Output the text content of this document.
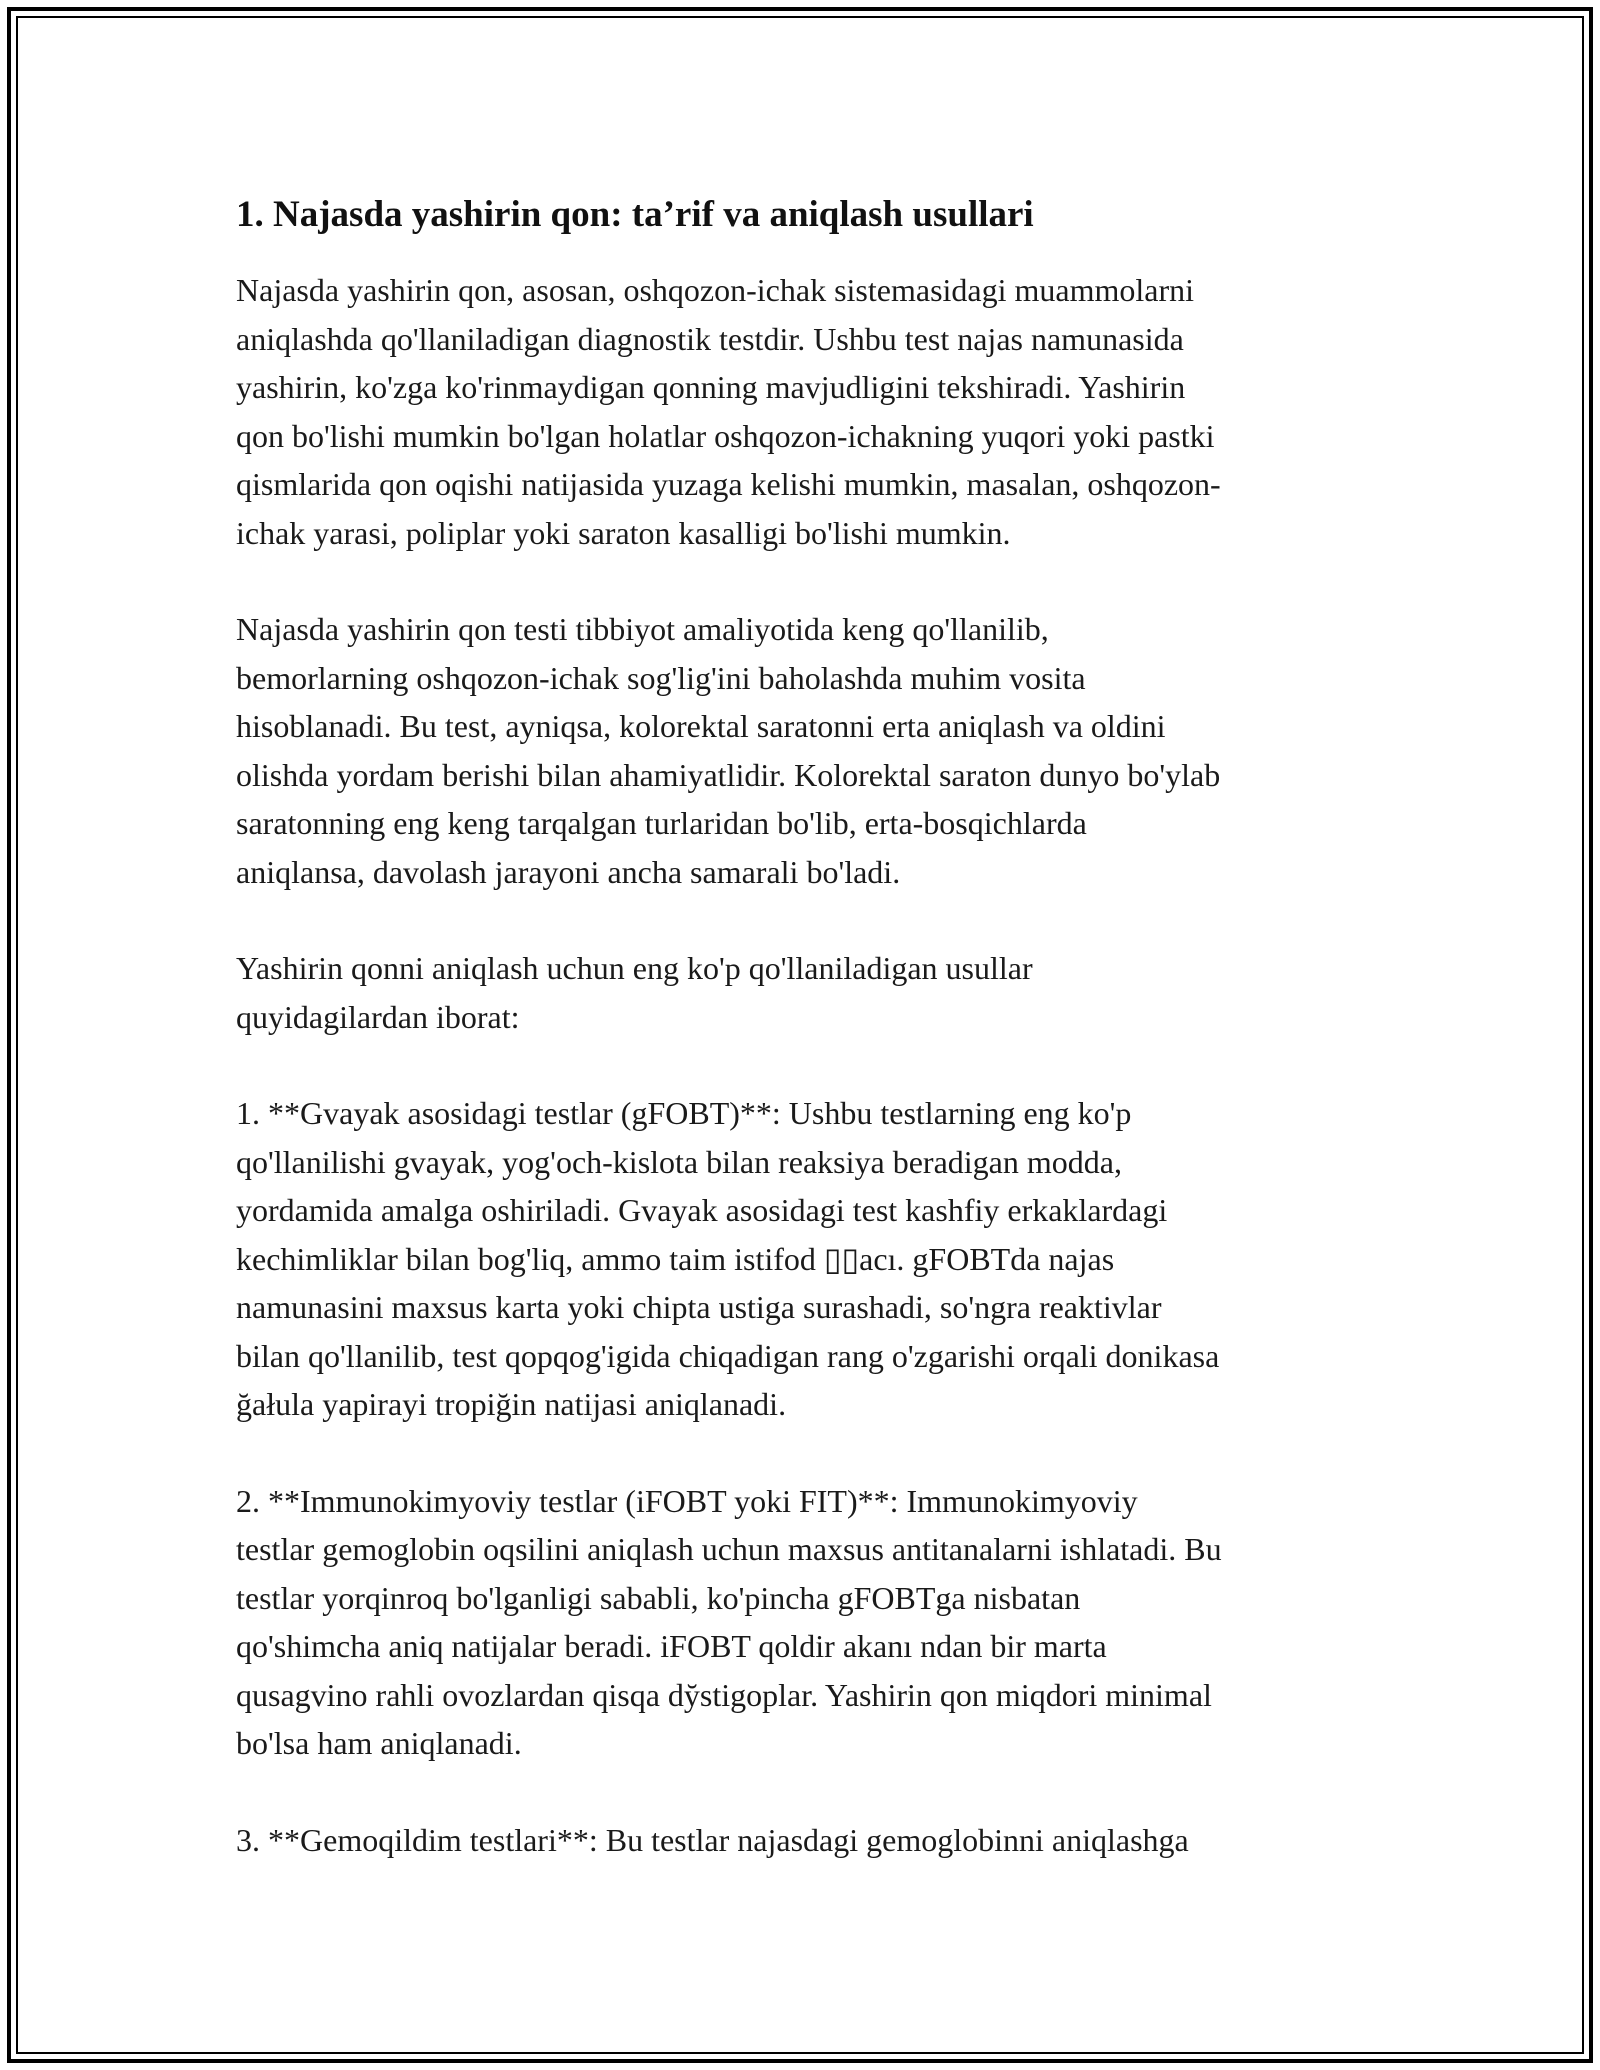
1. Najasda yashirin qon: ta’rif va aniqlash usullari

Najasda yashirin qon, asosan, oshqozon-ichak sistemasidagi muammolarni
aniqlashda qo'llaniladigan diagnostik testdir. Ushbu test najas namunasida
yashirin, ko'zga ko'rinmaydigan qonning mavjudligini tekshiradi. Yashirin
qon bo'lishi mumkin bo'lgan holatlar oshqozon-ichakning yuqori yoki pastki
qismlarida qon oqishi natijasida yuzaga kelishi mumkin, masalan, oshqozon-
ichak yarasi, poliplar yoki saraton kasalligi bo'lishi mumkin.

Najasda yashirin qon testi tibbiyot amaliyotida keng qo'llanilib,
bemorlarning oshqozon-ichak sog'lig'ini baholashda muhim vosita
hisoblanadi. Bu test, ayniqsa, kolorektal saratonni erta aniqlash va oldini
olishda yordam berishi bilan ahamiyatlidir. Kolorektal saraton dunyo bo'ylab
saratonning eng keng tarqalgan turlaridan bo'lib, erta-bosqichlarda
aniqlansa, davolash jarayoni ancha samarali bo'ladi.

Yashirin qonni aniqlash uchun eng ko'p qo'llaniladigan usullar
quyidagilardan iborat:

1. **Gvayak asosidagi testlar (gFOBT)**: Ushbu testlarning eng ko'p
qo'llanilishi gvayak, yog'och-kislota bilan reaksiya beradigan modda,
yordamida amalga oshiriladi. Gvayak asosidagi test kashfiy erkaklardagi
kechimliklar bilan bog'liq, ammo taim istifod ▯▯acı. gFOBTda najas
namunasini maxsus karta yoki chipta ustiga surashadi, so'ngra reaktivlar
bilan qo'llanilib, test qopqog'igida chiqadigan rang o'zgarishi orqali donikasa
ğałula yapirayi tropiğin natijasi aniqlanadi.

2. **Immunokimyoviy testlar (iFOBT yoki FIT)**: Immunokimyoviy
testlar gemoglobin oqsilini aniqlash uchun maxsus antitanalarni ishlatadi. Bu
testlar yorqinroq bo'lganligi sababli, ko'pincha gFOBTga nisbatan
qo'shimcha aniq natijalar beradi. iFOBT qoldir akanı ndan bir marta
qusagvino rahli ovozlardan qisqa dy̆stigoplar. Yashirin qon miqdori minimal
bo'lsa ham aniqlanadi.

3. **Gemoqildim testlari**: Bu testlar najasdagi gemoglobinni aniqlashga
